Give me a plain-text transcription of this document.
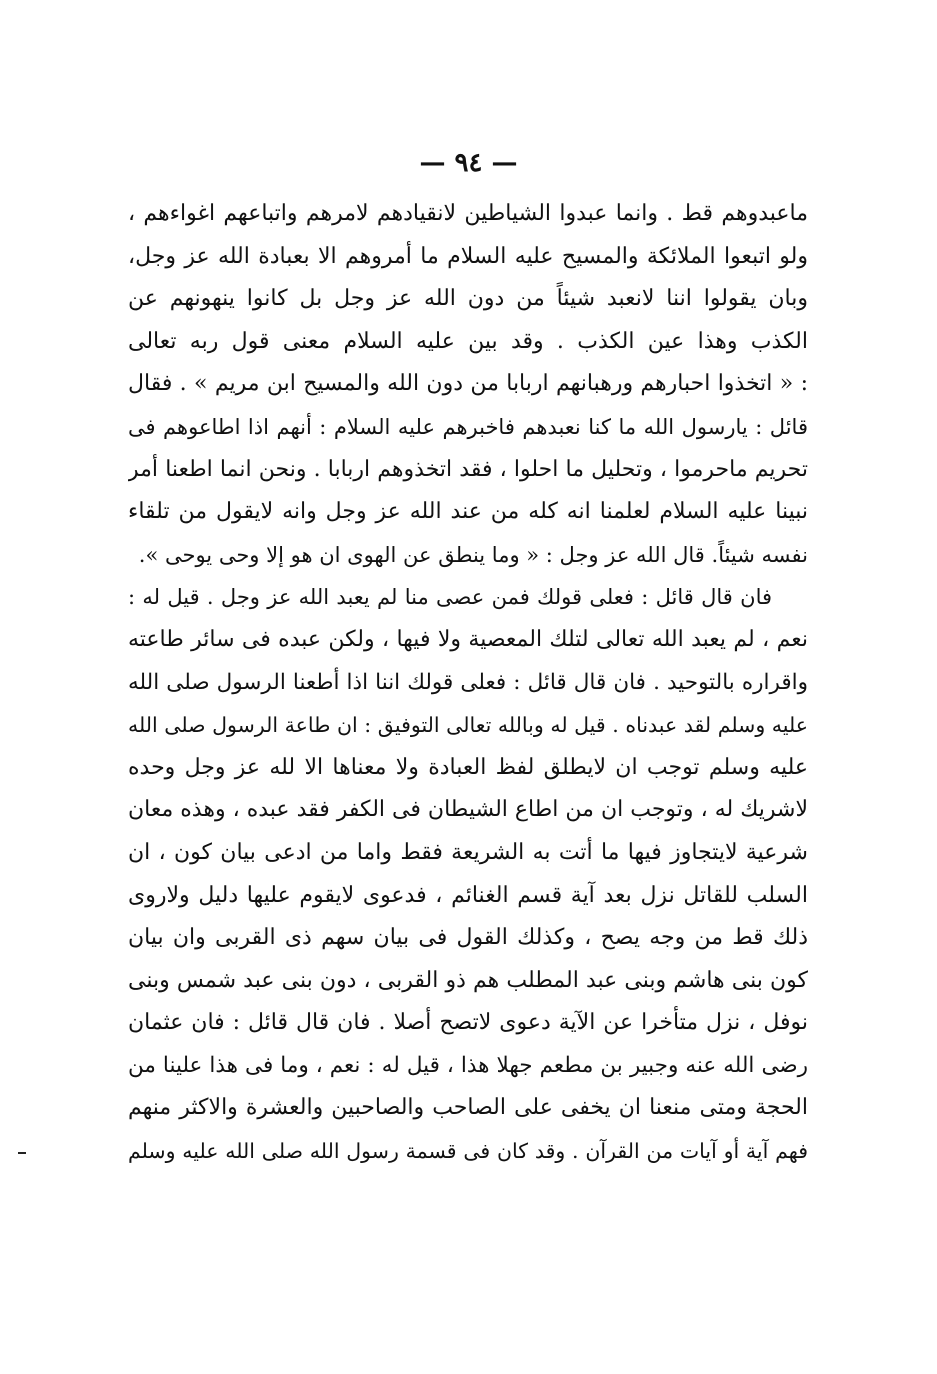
— ٩٤ —
ماعبدوهم قط . وانما عبدوا الشياطين لانقيادهم لامرهم واتباعهم اغواءهم ،
ولو اتبعوا الملائكة والمسيح عليه السلام ما أمروهم الا بعبادة الله عز وجل،
وبان يقولوا اننا لانعبد شيئاً من دون الله عز وجل بل كانوا ينهونهم عن
الكذب وهذا عين الكذب . وقد بين عليه السلام معنى قول ربه تعالى
: « اتخذوا احبارهم ورهبانهم اربابا من دون الله والمسيح ابن مريم » . فقال
قائل : يارسول الله ما كنا نعبدهم فاخبرهم عليه السلام : أنهم اذا اطاعوهم فى
تحريم ماحرموا ، وتحليل ما احلوا ، فقد اتخذوهم اربابا . ونحن انما اطعنا أمر
نبينا عليه السلام لعلمنا انه كله من عند الله عز وجل وانه لايقول من تلقاء
نفسه شيئاً. قال الله عز وجل : « وما ينطق عن الهوى ان هو إلا وحى يوحى ».
فان قال قائل : فعلى قولك فمن عصى منا لم يعبد الله عز وجل . قيل له :
نعم ، لم يعبد الله تعالى لتلك المعصية ولا فيها ، ولكن عبده فى سائر طاعته
واقراره بالتوحيد . فان قال قائل : فعلى قولك اننا اذا أطعنا الرسول صلى الله
عليه وسلم لقد عبدناه . قيل له وبالله تعالى التوفيق : ان طاعة الرسول صلى الله
عليه وسلم توجب ان لايطلق لفظ العبادة ولا معناها الا لله عز وجل وحده
لاشريك له ، وتوجب ان من اطاع الشيطان فى الكفر فقد عبده ، وهذه معان
شرعية لايتجاوز فيها ما أتت به الشريعة فقط واما من ادعى بيان كون ، ان
السلب للقاتل نزل بعد آية قسم الغنائم ، فدعوى لايقوم عليها دليل ولاروى
ذلك قط من وجه يصح ، وكذلك القول فى بيان سهم ذى القربى وان بيان
كون بنى هاشم وبنى عبد المطلب هم ذو القربى ، دون بنى عبد شمس وبنى
نوفل ، نزل متأخرا عن الآية دعوى لاتصح أصلا . فان قال قائل : فان عثمان
رضى الله عنه وجبير بن مطعم جهلا هذا ، قيل له : نعم ، وما فى هذا علينا من
الحجة ومتى منعنا ان يخفى على الصاحب والصاحبين والعشرة والاكثر منهم
فهم آية أو آيات من القرآن . وقد كان فى قسمة رسول الله صلى الله عليه وسلم
